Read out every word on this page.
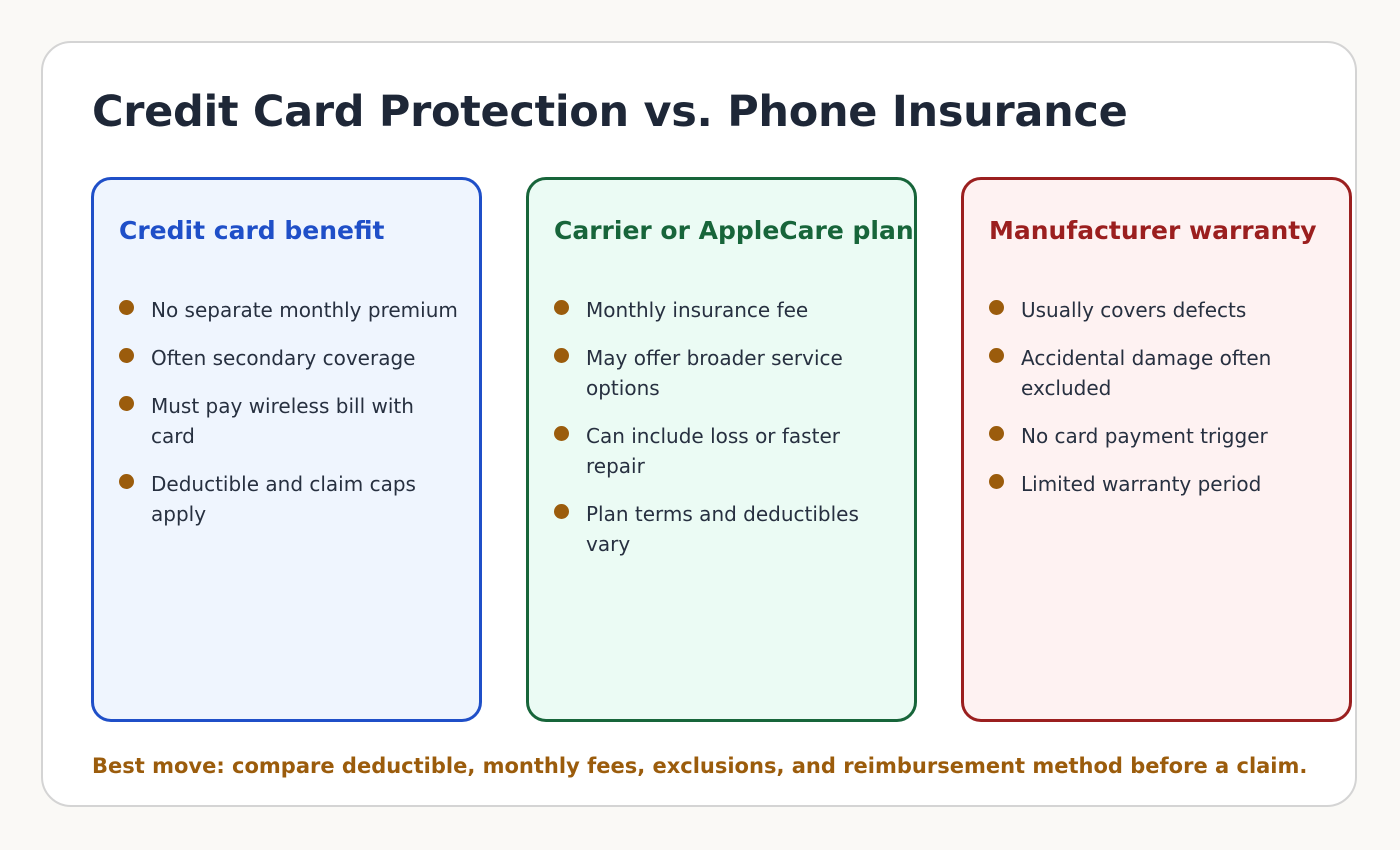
Credit Card Protection vs. Phone Insurance
Credit card benefit
No separate monthly premium
Often secondary coverage
Must pay wireless bill with card
Deductible and claim caps apply
Carrier or AppleCare plan
Monthly insurance fee
May offer broader service options
Can include loss or faster repair
Plan terms and deductibles vary
Manufacturer warranty
Usually covers defects
Accidental damage often excluded
No card payment trigger
Limited warranty period

Best move: compare deductible, monthly fees, exclusions, and reimbursement method before a claim.
